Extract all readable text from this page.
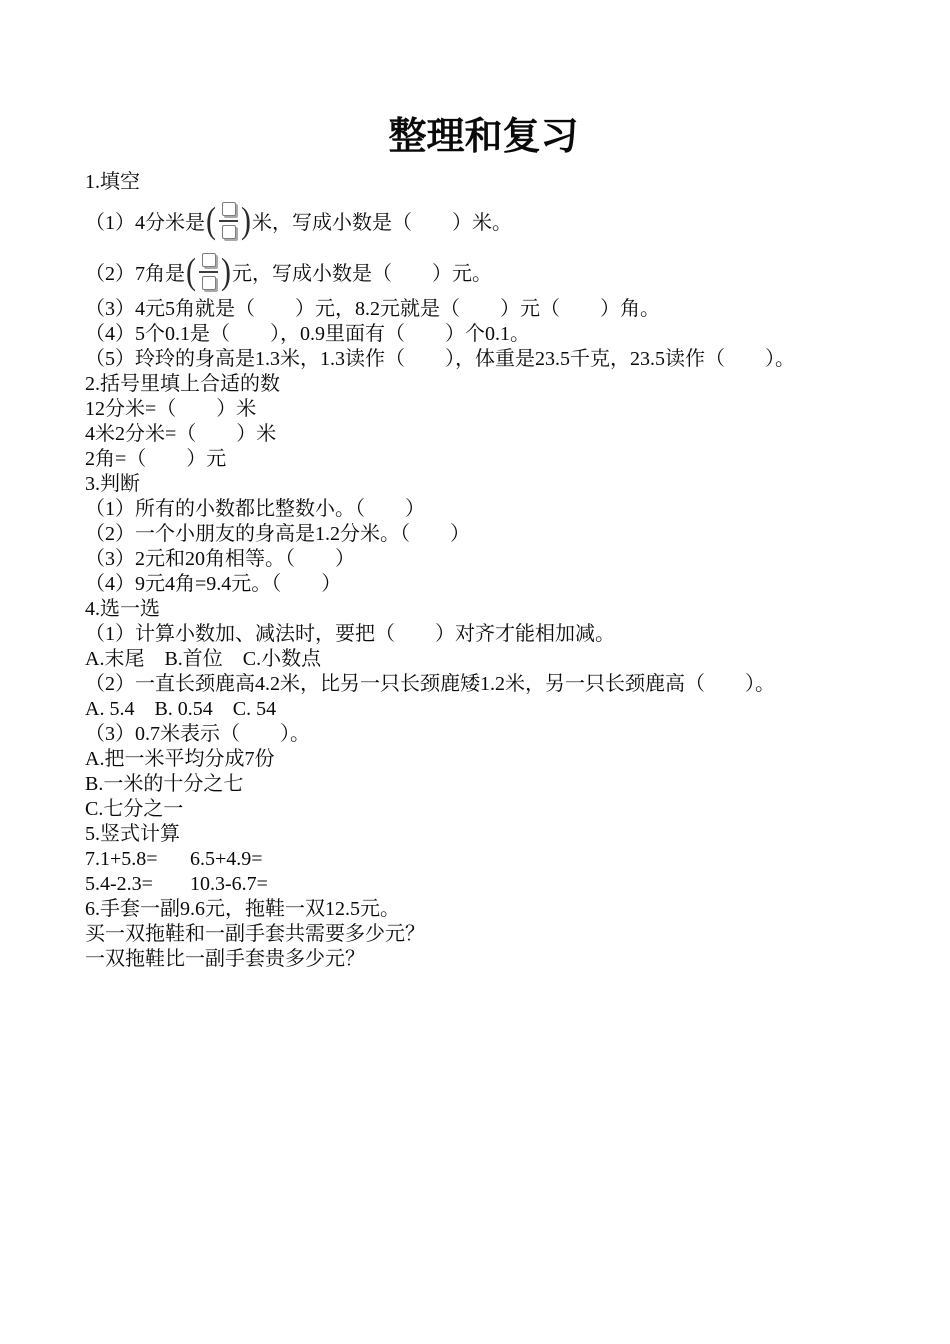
整理和复习
1.填空
（1）4分米是 ( ) 米，写成小数是（　　）米。
（2）7角是 ( ) 元，写成小数是（　　）元。
（3）4元5角就是（　　）元，8.2元就是（　　）元（　　）角。
（4）5个0.1是（　　），0.9里面有（　　）个0.1。
（5）玲玲的身高是1.3米，1.3读作（　　），体重是23.5千克，23.5读作（　　）。
2.括号里填上合适的数
12分米=（　　）米
4米2分米=（　　）米
2角=（　　）元
3.判断
（1）所有的小数都比整数小。（　　）
（2）一个小朋友的身高是1.2分米。（　　）
（3）2元和20角相等。（　　）
（4）9元4角=9.4元。（　　）
4.选一选
（1）计算小数加、减法时，要把（　　）对齐才能相加减。
A.末尾　B.首位　C.小数点
（2）一直长颈鹿高4.2米，比另一只长颈鹿矮1.2米，另一只长颈鹿高（　　）。
A. 5.4　B. 0.54　C. 54
（3）0.7米表示（　　）。
A.把一米平均分成7份
B.一米的十分之七
C.七分之一
5.竖式计算
7.1+5.8= 6.5+4.9=
5.4-2.3= 10.3-6.7=
6.手套一副9.6元，拖鞋一双12.5元。
买一双拖鞋和一副手套共需要多少元？
一双拖鞋比一副手套贵多少元？
